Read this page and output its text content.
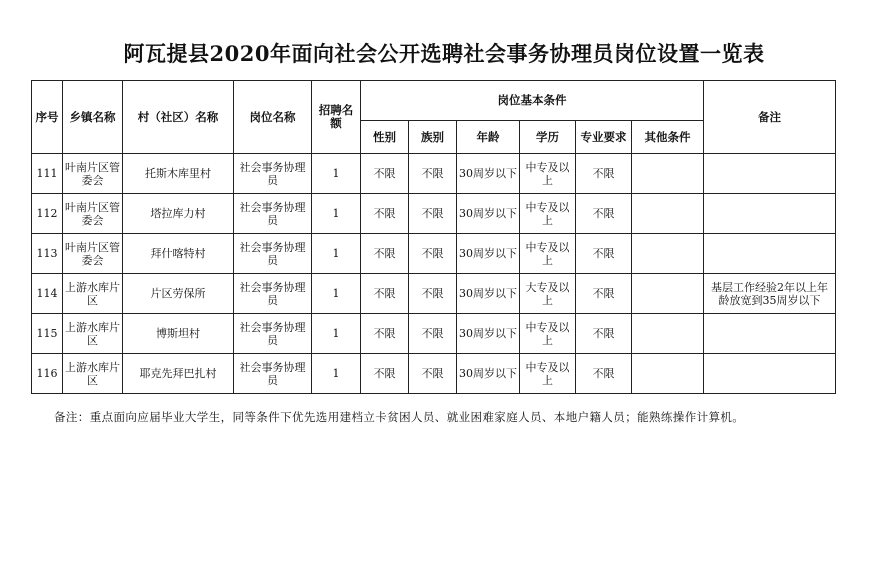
阿瓦提县2020年面向社会公开选聘社会事务协理员岗位设置一览表
序号	乡镇名称	村（社区）名称	岗位名称	招聘名额	岗位基本条件						备注
					性别	族别	年龄	学历	专业要求	其他条件	
111	叶南片区管委会	托斯木库里村	社会事务协理员	1	不限	不限	30周岁以下	中专及以上	不限		
112	叶南片区管委会	塔拉库力村	社会事务协理员	1	不限	不限	30周岁以下	中专及以上	不限		
113	叶南片区管委会	拜什喀特村	社会事务协理员	1	不限	不限	30周岁以下	中专及以上	不限		
114	上游水库片区	片区劳保所	社会事务协理员	1	不限	不限	30周岁以下	大专及以上	不限		基层工作经验2年以上年龄放宽到35周岁以下
115	上游水库片区	博斯坦村	社会事务协理员	1	不限	不限	30周岁以下	中专及以上	不限		
116	上游水库片区	耶克先拜巴扎村	社会事务协理员	1	不限	不限	30周岁以下	中专及以上	不限		
备注：重点面向应届毕业大学生，同等条件下优先选用建档立卡贫困人员、就业困难家庭人员、本地户籍人员；能熟练操作计算机。
